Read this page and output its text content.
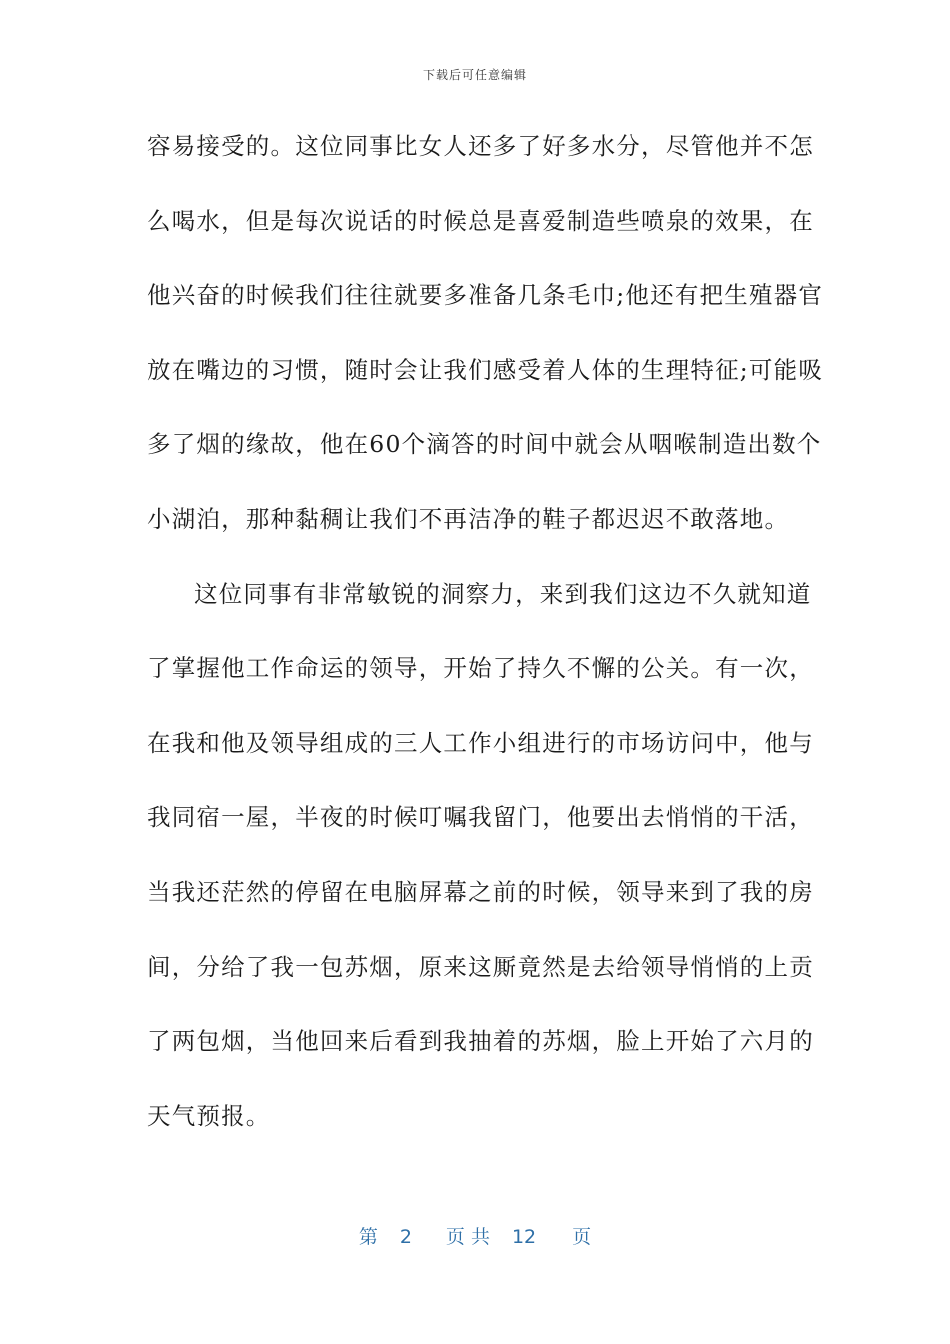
下载后可任意编辑
容易接受的。这位同事比女人还多了好多水分，尽管他并不怎
么喝水，但是每次说话的时候总是喜爱制造些喷泉的效果，在
他兴奋的时候我们往往就要多准备几条毛巾;他还有把生殖器官
放在嘴边的习惯，随时会让我们感受着人体的生理特征;可能吸
多了烟的缘故，他在60个滴答的时间中就会从咽喉制造出数个
小湖泊，那种黏稠让我们不再洁净的鞋子都迟迟不敢落地。
这位同事有非常敏锐的洞察力，来到我们这边不久就知道
了掌握他工作命运的领导，开始了持久不懈的公关。有一次，
在我和他及领导组成的三人工作小组进行的市场访问中，他与
我同宿一屋，半夜的时候叮嘱我留门，他要出去悄悄的干活，
当我还茫然的停留在电脑屏幕之前的时候，领导来到了我的房
间，分给了我一包苏烟，原来这厮竟然是去给领导悄悄的上贡
了两包烟，当他回来后看到我抽着的苏烟，脸上开始了六月的
天气预报。
第 2 页 共 12 页
